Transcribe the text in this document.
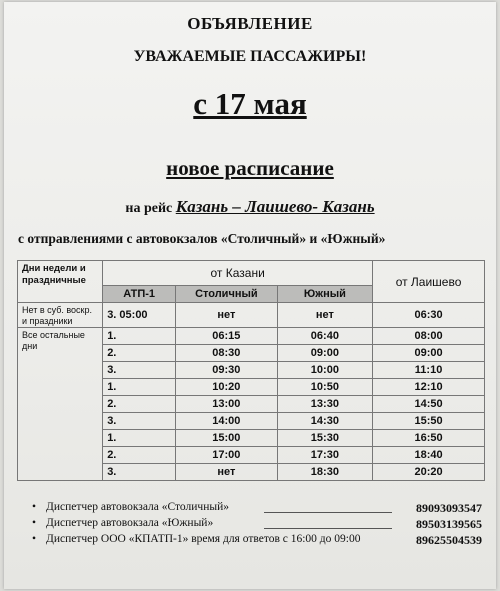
ОБЪЯВЛЕНИЕ
УВАЖАЕМЫЕ ПАССАЖИРЫ!
с 17 мая
новое расписание
на рейс Казань – Лаишево- Казань
с отправлениями с автовокзалов «Столичный» и «Южный»
Дни недели и праздничные	от Казани			от Лаишево
	АТП-1	Столичный	Южный	
Нет в суб. воскр. и праздники	3. 05:00	нет	нет	06:30
Все остальные дни	1.	06:15	06:40	08:00
	2.	08:30	09:00	09:00
	3.	09:30	10:00	11:10
	1.	10:20	10:50	12:10
	2.	13:00	13:30	14:50
	3.	14:00	14:30	15:50
	1.	15:00	15:30	16:50
	2.	17:00	17:30	18:40
	3.	нет	18:30	20:20
• Диспетчер автовокзала «Столичный»	89093093547
• Диспетчер автовокзала «Южный»	89503139565
• Диспетчер ООО «КПАТП-1» время для ответов с 16:00 до 09:00	89625504539
